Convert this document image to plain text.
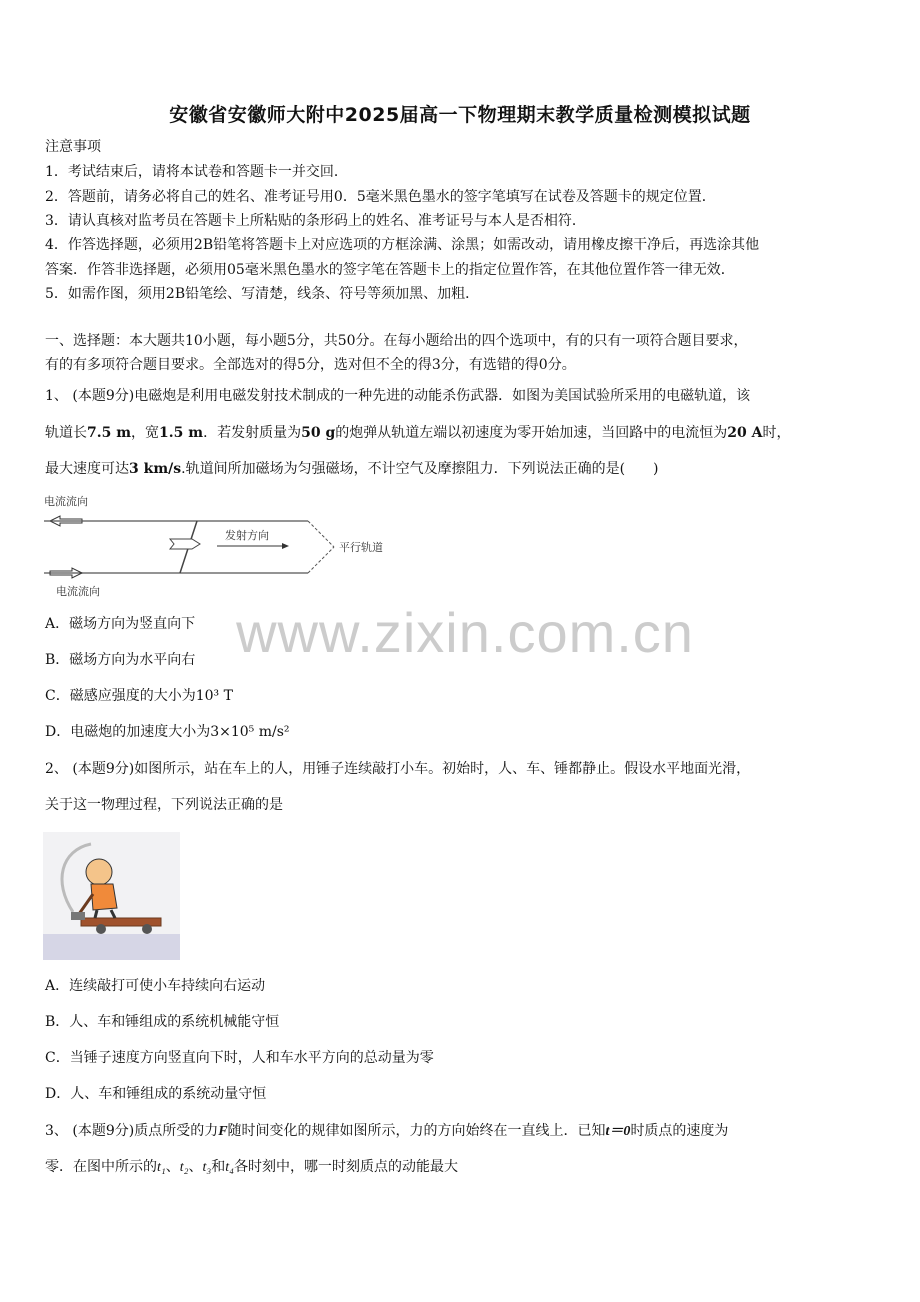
安徽省安徽师大附中2025届高一下物理期末教学质量检测模拟试题
注意事项
1．考试结束后，请将本试卷和答题卡一并交回．
2．答题前，请务必将自己的姓名、准考证号用0．5毫米黑色墨水的签字笔填写在试卷及答题卡的规定位置．
3．请认真核对监考员在答题卡上所粘贴的条形码上的姓名、准考证号与本人是否相符．
4．作答选择题，必须用2B铅笔将答题卡上对应选项的方框涂满、涂黑；如需改动，请用橡皮擦干净后，再选涂其他
答案．作答非选择题，必须用05毫米黑色墨水的签字笔在答题卡上的指定位置作答，在其他位置作答一律无效．
5．如需作图，须用2B铅笔绘、写清楚，线条、符号等须加黑、加粗．
一、选择题：本大题共10小题，每小题5分，共50分。在每小题给出的四个选项中，有的只有一项符合题目要求，
有的有多项符合题目要求。全部选对的得5分，选对但不全的得3分，有选错的得0分。
1、 (本题9分)电磁炮是利用电磁发射技术制成的一种先进的动能杀伤武器．如图为美国试验所采用的电磁轨道，该
轨道长7.5 m，宽1.5 m．若发射质量为50 g的炮弹从轨道左端以初速度为零开始加速，当回路中的电流恒为20 A时，
最大速度可达3 km/s.轨道间所加磁场为匀强磁场，不计空气及摩擦阻力．下列说法正确的是(　　)
电流流向
平行轨道
发射方向
电流流向
A．磁场方向为竖直向下
B．磁场方向为水平向右
C．磁感应强度的大小为10³ T
D．电磁炮的加速度大小为3×10⁵ m/s²
2、 (本题9分)如图所示，站在车上的人，用锤子连续敲打小车。初始时，人、车、锤都静止。假设水平地面光滑，
关于这一物理过程，下列说法正确的是
A．连续敲打可使小车持续向右运动
B．人、车和锤组成的系统机械能守恒
C．当锤子速度方向竖直向下时，人和车水平方向的总动量为零
D．人、车和锤组成的系统动量守恒
3、 (本题9分)质点所受的力F随时间变化的规律如图所示，力的方向始终在一直线上．已知t＝0时质点的速度为
零．在图中所示的t₁、t₂、t₃和t₄各时刻中，哪一时刻质点的动能最大
www.zixin.com.cn
